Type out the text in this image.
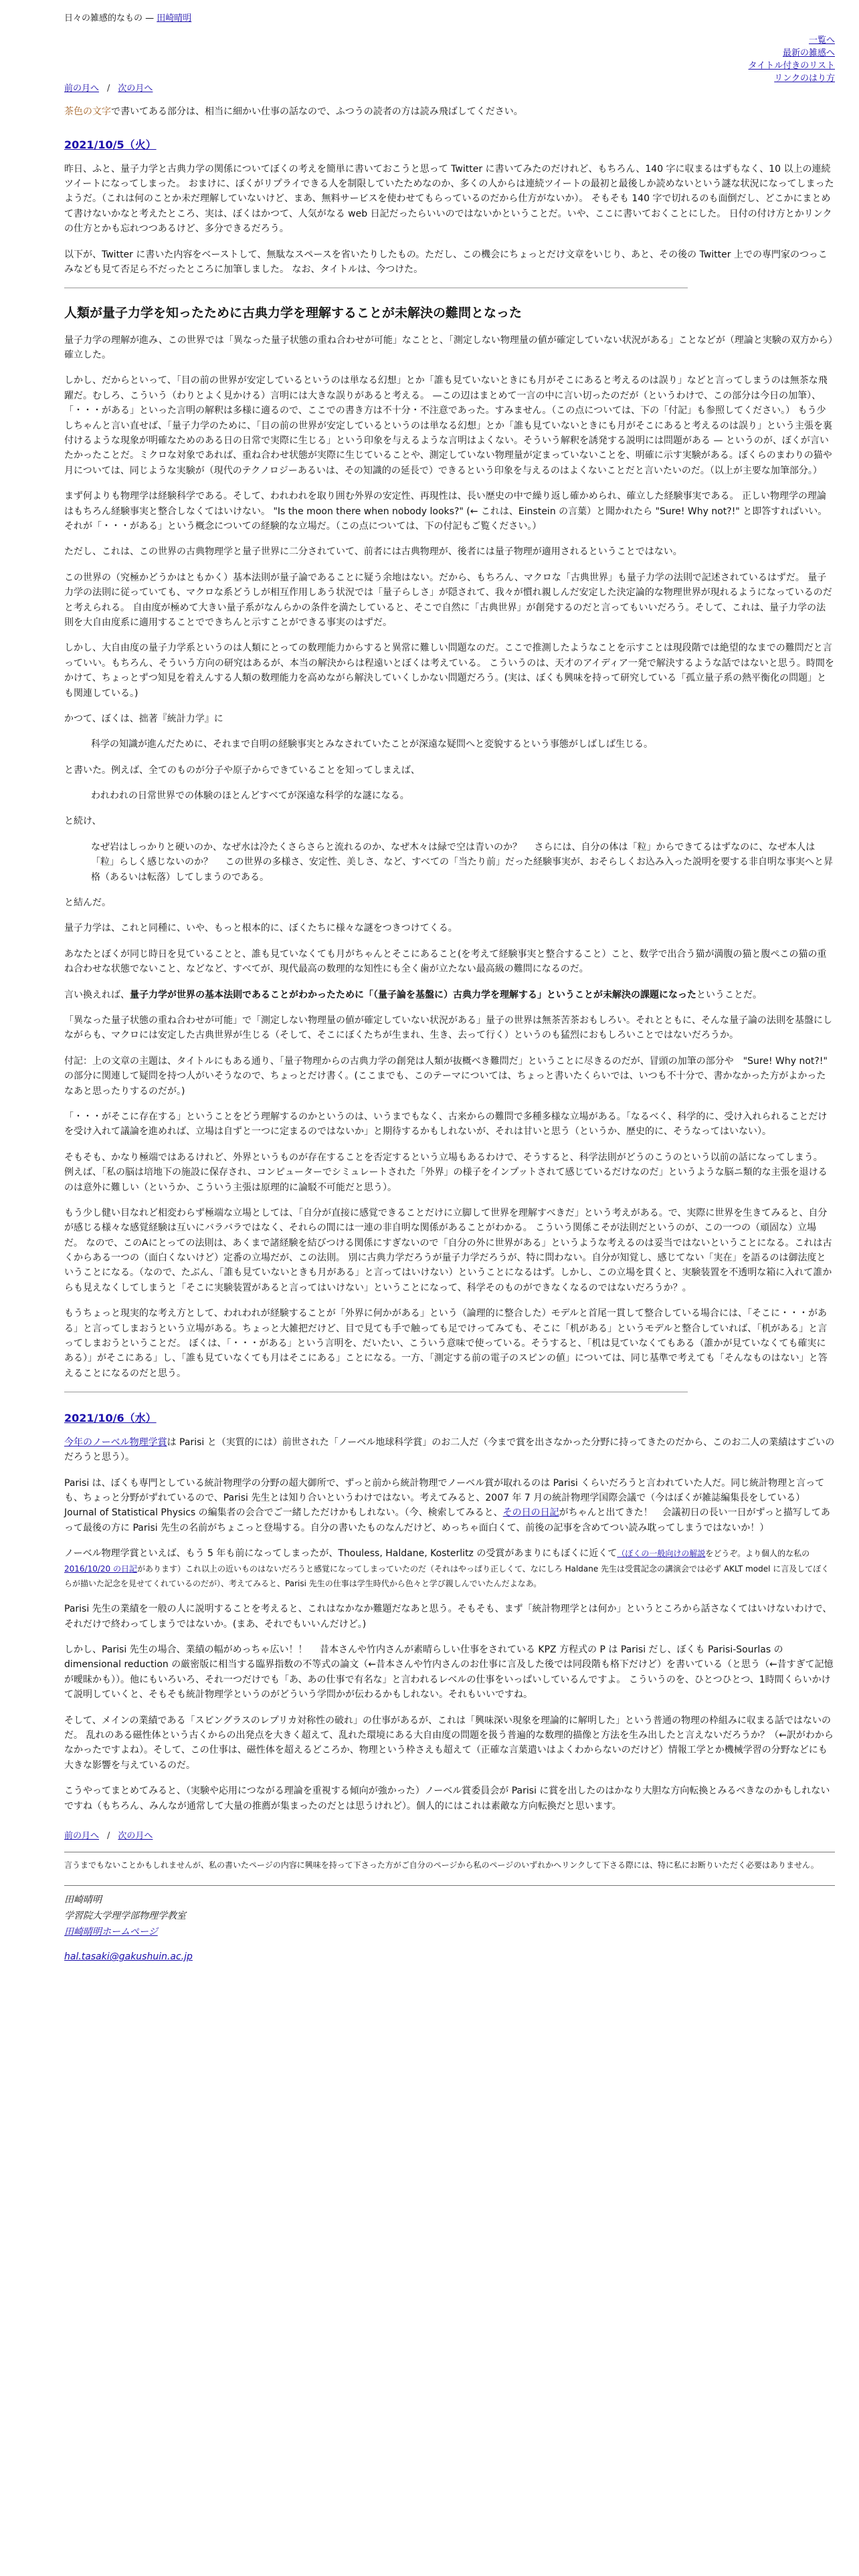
日々の雑感的なもの — 田崎晴明
一覧へ
最新の雑感へ
タイトル付きのリスト
リンクのはり方
前の月へ / 次の月へ
茶色の文字で書いてある部分は、相当に細かい仕事の話なので、ふつうの読者の方は読み飛ばしてください。
2021/10/5（火）

昨日、ふと、量子力学と古典力学の関係についてぼくの考えを簡単に書いておこうと思って Twitter に書いてみたのだけれど、もちろん、140 字に収まるはずもなく、10 以上の連続ツイートになってしまった。 おまけに、ぼくがリプライできる人を制限していたためなのか、多くの人からは連続ツイートの最初と最後しか読めないという謎な状況になってしまったようだ。（これは何のことか未だ理解していないけど、まあ、無料サービスを使わせてもらっているのだから仕方がないか）。 そもそも 140 字で切れるのも面倒だし、どこかにまとめて書けないかなと考えたところ、実は、ぼくはかつて、人気がなる web 日記だったらいいのではないかということだ。いや、ここに書いておくことにした。 日付の付け方とかリンクの仕方とかも忘れつつあるけど、多分できるだろう。

以下が、Twitter に書いた内容をベーストして、無駄なスペースを省いたりしたもの。ただし、この機会にちょっとだけ文章をいじり、あと、その後の Twitter 上での専門家のつっこみなども見て否足ら不だったところに加筆しました。 なお、タイトルは、今つけた。

人類が量子力学を知ったために古典力学を理解することが未解決の難問となった

量子力学の理解が進み、この世界では「異なった量子状態の重ね合わせが可能」なことと、「測定しない物理量の値が確定していない状況がある」ことなどが（理論と実験の双方から）確立した。

しかし、だからといって、「目の前の世界が安定しているというのは単なる幻想」とか「誰も見ていないときにも月がそこにあると考えるのは誤り」などと言ってしまうのは無茶な飛躍だ。むしろ、こういう（わりとよく見かける）言明には大きな誤りがあると考える。 —この辺はまとめて一言の中に言い切ったのだが（というわけで、この部分は今日の加筆）、「・・・がある」といった言明の解釈は多様に適るので、ここでの書き方は不十分・不注意であった。すみません。（この点については、下の「付記」も参照してください。） もう少しちゃんと言い直せば、「量子力学のために、「目の前の世界が安定しているというのは単なる幻想」とか「誰も見ていないときにも月がそこにあると考えるのは誤り」という主張を裏付けるような現象が明確なためのある日の日常で実際に生じる」という印象を与えるような言明はよくない。そういう解釈を誘発する説明には問題がある — というのが、ぼくが言いたかったことだ。ミクロな対象であれば、重ね合わせ状態が実際に生じていることや、測定していない物理量が定まっていないことを、明確に示す実験がある。ぼくらのまわりの猫や月については、同じような実験が（現代のテクノロジーあるいは、その知識的の延長で）できるという印象を与えるのはよくないことだと言いたいのだ。（以上が主要な加筆部分。）

まず何よりも物理学は経験科学である。そして、われわれを取り囲む外界の安定性、再現性は、長い歴史の中で繰り返し確かめられ、確立した経験事実である。 正しい物理学の理論はもちろん経験事実と整合しなくてはいけない。 "Is the moon there when nobody looks?" (← これは、Einstein の言葉）と聞かれたら "Sure! Why not?!" と即答すればいい。それが「・・・がある」という概念についての経験的な立場だ。（この点については、下の付記もご覧ください。）

ただし、これは、この世界の古典物理学と量子世界に二分されていて、前者には古典物理が、後者には量子物理が適用されるということではない。

この世界の（究極かどうかはともかく）基本法則が量子論であることに疑う余地はない。だから、もちろん、マクロな「古典世界」も量子力学の法則で記述されているはずだ。 量子力学の法則に従っていても、マクロな系どうしが相互作用しあう状況では「量子らしさ」が隠されて、我々が慣れ親しんだ安定した決定論的な物理世界が現れるようになっているのだと考えられる。 自由度が極めて大きい量子系がなんらかの条件を満たしていると、そこで自然に「古典世界」が創発するのだと言ってもいいだろう。そして、これは、量子力学の法則を大自由度系に適用することでできちんと示すことができる事実のはずだ。

しかし、大自由度の量子力学系というのは人類にとっての数理能力からすると異常に難しい問題なのだ。ここで推測したようなことを示すことは現段階では絶望的なまでの難問だと言っていい。もちろん、そういう方向の研究はあるが、本当の解決からは程遠いとぼくは考えている。 こういうのは、天才のアイディア一発で解決するような話ではないと思う。時間をかけて、ちょっとずつ知見を着えんする人類の数理能力を高めながら解決していくしかない問題だろう。(実は、ぼくも興味を持って研究している「孤立量子系の熱平衡化の問題」とも関連している。)

かつて、ぼくは、拙著『統計力学』に

科学の知識が進んだために、それまで自明の経験事実とみなされていたことが深遠な疑問へと変貌するという事態がしばしば生じる。

と書いた。例えば、全てのものが分子や原子からできていることを知ってしまえば、

われわれの日常世界での体験のほとんどすべてが深遠な科学的な謎になる。

と続け、

なぜ岩はしっかりと硬いのか、なぜ水は冷たくさらさらと流れるのか、なぜ木々は緑で空は青いのか？　 さらには、自分の体は「粒」からできてるはずなのに、なぜ本人は「粒」らしく感じないのか？　 この世界の多様さ、安定性、美しさ、など、すべての「当たり前」だった経験事実が、おそらしくお込み入った説明を要する非自明な事実へと昇格（あるいは転落）してしまうのである。

と結んだ。

量子力学は、これと同種に、いや、もっと根本的に、ぼくたちに様々な謎をつきつけてくる。

あなたとぼくが同じ時日を見ていることと、誰も見ていなくても月がちゃんとそこにあること(を考えて経験事実と整合すること）こと、数学で出合う猫が満腹の猫と腹ぺこの猫の重ね合わせな状態でないこと、などなど、すべてが、現代最高の数理的な知性にも全く歯が立たない最高級の難問になるのだ。

言い換えれば、量子力学が世界の基本法則であることがわかったために「（量子論を基盤に）古典力学を理解する」ということが未解決の課題になったということだ。

「異なった量子状態の重ね合わせが可能」で「測定しない物理量の値が確定していない状況がある」量子の世界は無茶苦茶おもしろい。それとともに、そんな量子論の法則を基盤にしながらも、マクロには安定した古典世界が生じる（そして、そこにぼくたちが生まれ、生き、去って行く）というのも猛烈におもしろいことではないだろうか。

付記：上の文章の主題は、タイトルにもある通り、「量子物理からの古典力学の創発は人類が抜概べき難問だ」ということに尽きるのだが、冒頭の加筆の部分や　"Sure! Why not?!" の部分に関連して疑問を持つ人がいそうなので、ちょっとだけ書く。(ここまでも、このテーマについては、ちょっと書いたくらいでは、いつも不十分で、書かなかった方がよかったなあと思ったりするのだが。)

「・・・がそこに存在する」ということをどう理解するのかというのは、いうまでもなく、古来からの難問で多種多様な立場がある。「なるべく、科学的に、受け入れられることだけを受け入れて議論を進めれば、立場は自ずと一つに定まるのではないか」と期待するかもしれないが、それは甘いと思う（というか、歴史的に、そうなってはいない）。

そもそも、かなり極端ではあるけれど、外界というものが存在することを否定するという立場もあるわけで、そうすると、科学法則がどうのこうのという以前の話になってしまう。 例えば、「私の脳は培地下の施設に保存され、コンピューターでシミュレートされた「外界」の様子をインプットされて感じているだけなのだ」というような脳ニ類的な主張を退けるのは意外に難しい（というか、こういう主張は原理的に論駁不可能だと思う）。

もう少し健い目なれど相変わらず極端な立場としては、「自分が直接に感覚できることだけに立脚して世界を理解すべきだ」という考えがある。で、実際に世界を生きてみると、自分が感じる様々な感覚経験は互いにバラバラではなく、それらの間には一連の非自明な関係があることがわかる。 こういう関係こそが法則だというのが、この一つの（頑固な）立場だ。 なので、このAにとっての法則は、あくまで諸経験を結びつける関係にすぎないので「自分の外に世界がある」というような考えるのは妥当ではないということになる。これは古くからある一つの（面白くないけど）定番の立場だが、この法則。 別に古典力学だろうが量子力学だろうが、特に問わない。自分が知覚し、感じてない「実在」を語るのは御法度ということになる。（なので、たぶん、「誰も見ていないときも月がある」と言ってはいけない）ということになるはず。しかし、この立場を貫くと、実験装置を不透明な箱に入れて誰からも見えなくしてしまうと「そこに実験装置があると言ってはいけない」ということになって、科学そのものができなくなるのではないだろうか？。

もうちょっと現実的な考え方として、われわれが経験することが「外界に何かがある」という（論理的に整合した）モデルと首尾一貫して整合している場合には、「そこに・・・がある」と言ってしまおうという立場がある。ちょっと大雑把だけど、目で見ても手で触っても足でけってみても、そこに「机がある」というモデルと整合していれば、「机がある」と言ってしまおうということだ。 ぼくは、「・・・がある」という言明を、だいたい、こういう意味で使っている。そうすると、「机は見ていなくてもある（誰かが見ていなくても確実にある）」がそこにある」し、「誰も見ていなくても月はそこにある」ことになる。一方、「測定する前の電子のスピンの値」については、同じ基準で考えても「そんなものはない」と答えることになるのだと思う。

2021/10/6（水）

今年のノーベル物理学賞は Parisi と（実質的には）前世された「ノーベル地球科学賞」のお二人だ（今まで賞を出さなかった分野に持ってきたのだから、このお二人の業績はすごいのだろうと思う）。

Parisi は、ぼくも専門としている統計物理学の分野の超大御所で、ずっと前から統計物理でノーベル賞が取れるのは Parisi くらいだろうと言われていた人だ。同じ統計物理と言っても、ちょっと分野がずれているので、Parisi 先生とは知り合いというわけではない。考えてみると、2007 年 7 月の統計物理学国際会議で（今はぼくが雑誌編集長をしている）Journal of Statistical Physics の編集者の会合でご一緒しただけかもしれない。（今、検索してみると、その日の日記がちゃんと出てきた！　会議初日の長い一日がずっと描写してあって最後の方に Parisi 先生の名前がちょこっと登場する。自分の書いたものなんだけど、めっちゃ面白くて、前後の記事を含めてつい読み耽ってしまうではないか！）

ノーベル物理学賞といえば、もう 5 年も前になってしまったが、Thouless, Haldane, Kosterlitz の受賞があまりにもぼくに近くて（ぼくの一般向けの解説をどうぞ。より個人的な私の2016/10/20 の日記があります）これ以上の近いものはないだろうと感覚になってしまっていたのだ（それはやっぱり正しくて、なにしろ Haldane 先生は受賞記念の講演会では必ず AKLT model に言及してぼくらが描いた記念を見せてくれているのだが）、考えてみると、Parisi 先生の仕事は学生時代から色々と学び親しんでいたんだよなあ。

Parisi 先生の業績を一般の人に説明することを考えると、これはなかなか難題だなあと思う。そもそも、まず「統計物理学とは何か」というところから話さなくてはいけないわけで、それだけで終わってしまうではないか。(まあ、それでもいいんだけど。)

しかし、Parisi 先生の場合、業績の幅がめっちゃ広い！！　 昔本さんや竹内さんが素晴らしい仕事をされている KPZ 方程式の P は Parisi だし、ぼくも Parisi-Sourlas の dimensional reduction の厳密版に相当する臨界指数の不等式の論文（←昔本さんや竹内さんのお仕事に言及した後では同段階も格下だけど）を書いている（と思う（←昔すぎて記憶が曖昧かも））。他にもいろいろ、それ一つだけでも「あ、あの仕事で有名な」と言われるレベルの仕事をいっぱいしているんですよ。 こういうのを、ひとつひとつ、1時間くらいかけて説明していくと、そもそも統計物理学というのがどういう学問かが伝わるかもしれない。それもいいですね。

そして、メインの業績である「スピングラスのレプリカ対称性の破れ」の仕事があるが、これは「興味深い現象を理論的に解明した」という普通の物理の枠組みに収まる話ではないのだ。 乱れのある磁性体という古くからの出発点を大きく超えて、乱れた環境にある大自由度の問題を扱う普遍的な数理的描像と方法を生み出したと言えないだろうか？（←訳がわからなかったですよね）。そして、この仕事は、磁性体を超えるどころか、物理という枠さえも超えて（正確な言葉遣いはよくわからないのだけど）情報工学とか機械学習の分野などにも大きな影響を与えているのだ。

こうやってまとめてみると、（実験や応用につながる理論を重視する傾向が強かった）ノーベル賞委員会が Parisi に賞を出したのはかなり大胆な方向転換とみるべきなのかもしれないですね（もちろん、みんなが通常して大量の推薦が集まったのだとは思うけれど）。個人的にはこれは素敵な方向転換だと思います。

前の月へ / 次の月へ
言うまでもないことかもしれませんが、私の書いたページの内容に興味を持って下さった方がご自分のページから私のページのいずれかへリンクして下さる際には、特に私にお断りいただく必要はありません。
田崎晴明
学習院大学理学部物理学教室
田崎晴明ホームページ
hal.tasaki@gakushuin.ac.jp
